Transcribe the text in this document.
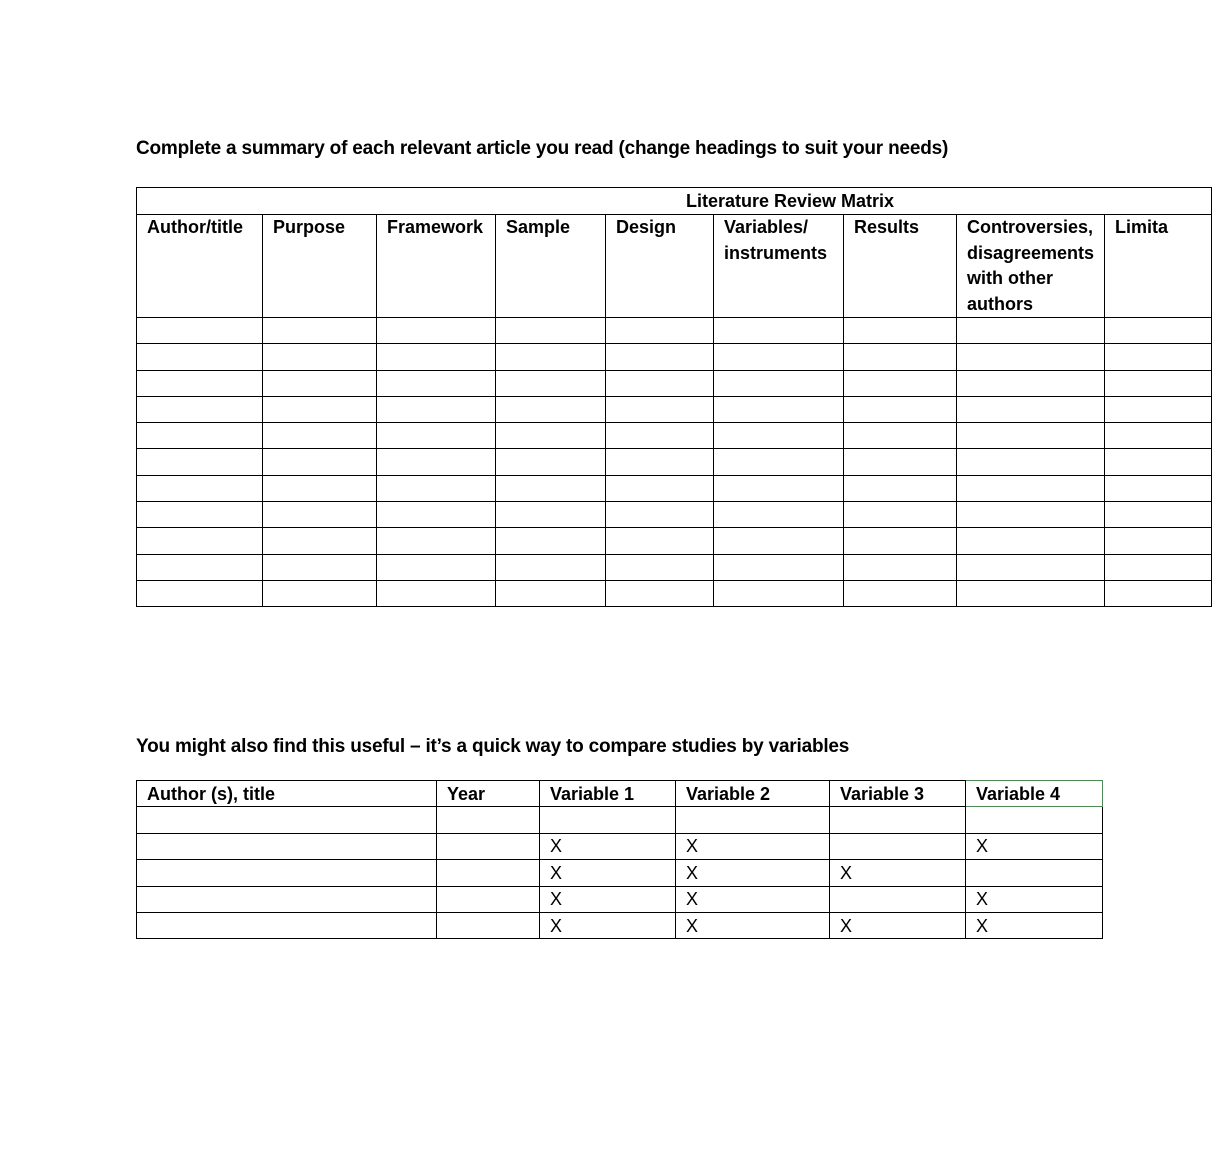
Complete a summary of each relevant article you read (change headings to suit your needs)
Literature Review Matrix								

Author/title	Purpose	Framework	Sample	Design	Variables/ instruments	Results	Controversies, disagreements with other authors	Limita

You might also find this useful – it’s a quick way to compare studies by variables
Author (s), title	Year	Variable 1	Variable 2	Variable 3	Variable 4

		X	X		X
		X	X	X	
		X	X		X
		X	X	X	X
